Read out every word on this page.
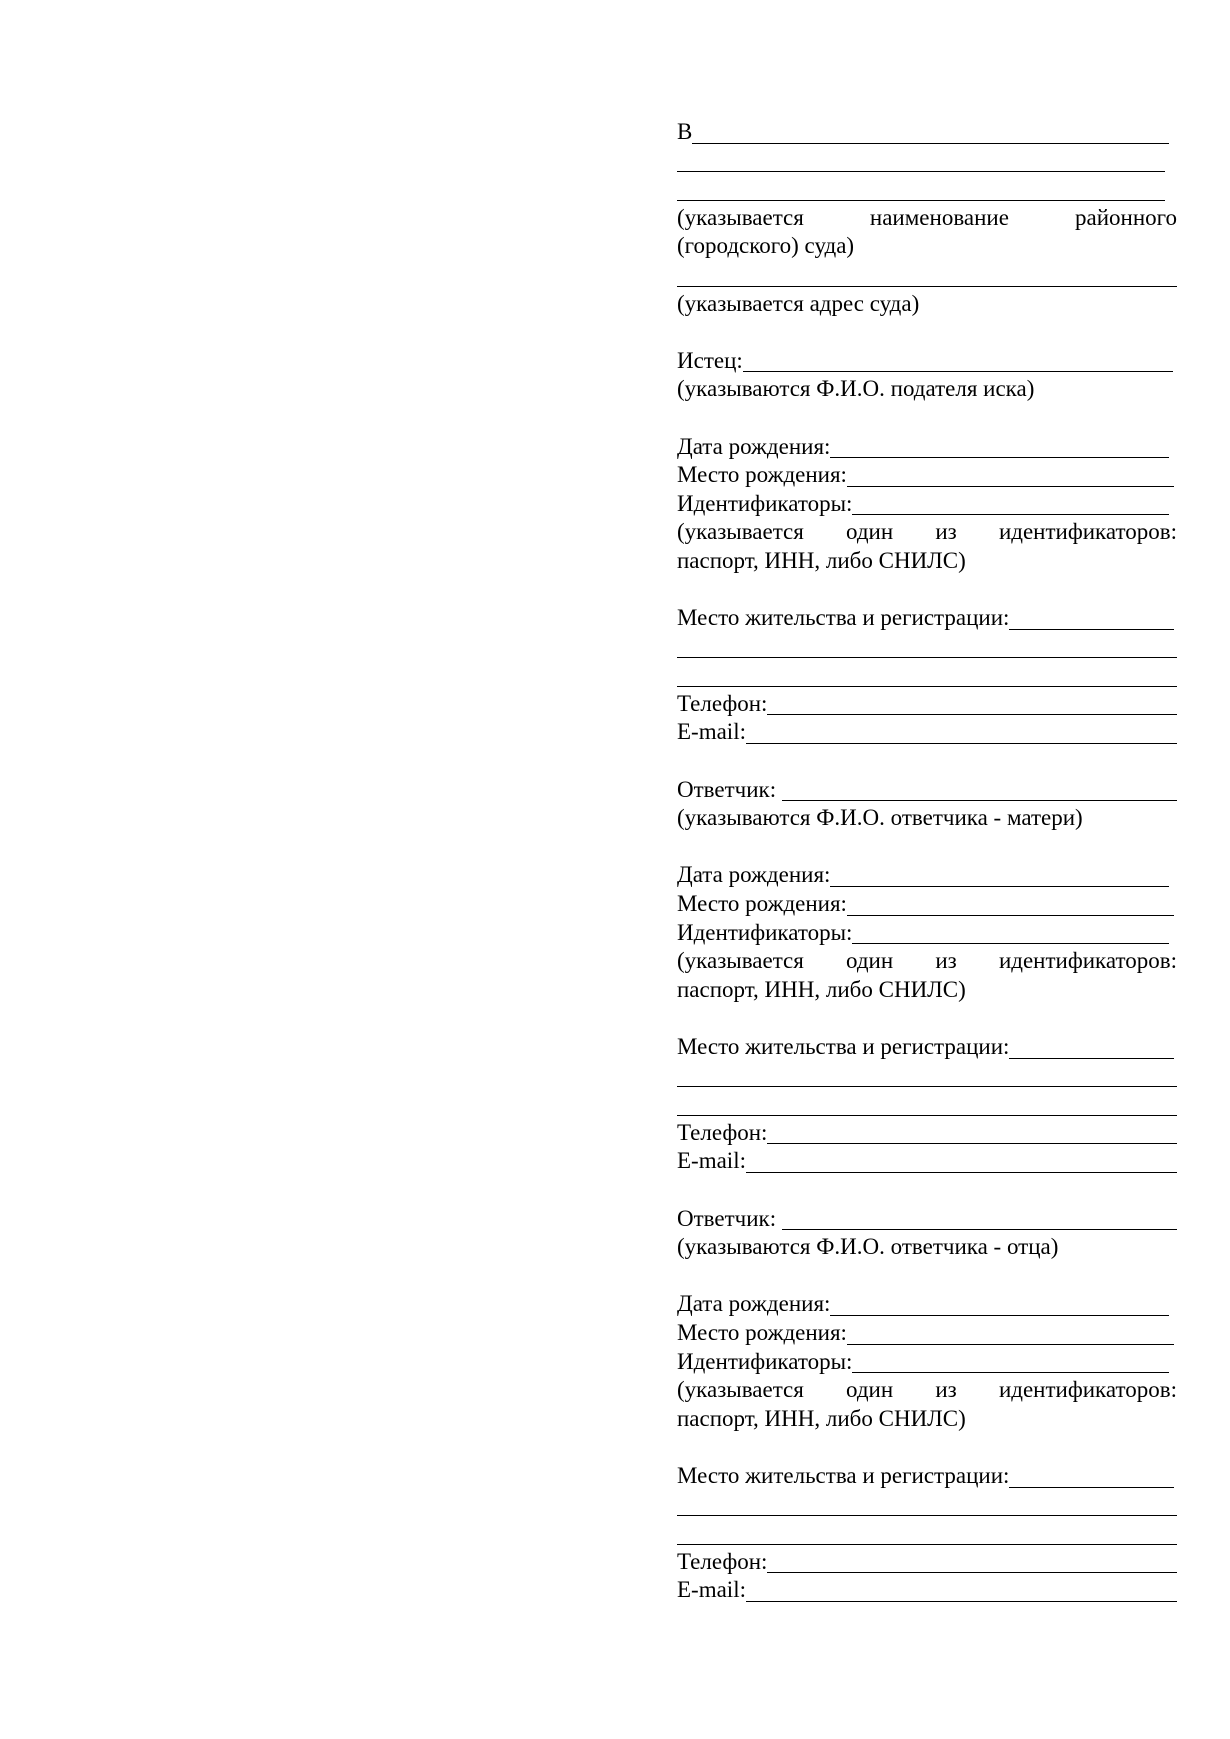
В
(указывается наименование районного
(городского) суда)
(указывается адрес суда)
Истец:
(указываются Ф.И.О. подателя иска)
Дата рождения:
Место рождения:
Идентификаторы:
(указывается один из идентификаторов:
паспорт, ИНН, либо СНИЛС)
Место жительства и регистрации:
Телефон:
E-mail:
Ответчик:
(указываются Ф.И.О. ответчика - матери)
Дата рождения:
Место рождения:
Идентификаторы:
(указывается один из идентификаторов:
паспорт, ИНН, либо СНИЛС)
Место жительства и регистрации:
Телефон:
E-mail:
Ответчик:
(указываются Ф.И.О. ответчика - отца)
Дата рождения:
Место рождения:
Идентификаторы:
(указывается один из идентификаторов:
паспорт, ИНН, либо СНИЛС)
Место жительства и регистрации:
Телефон:
E-mail:
